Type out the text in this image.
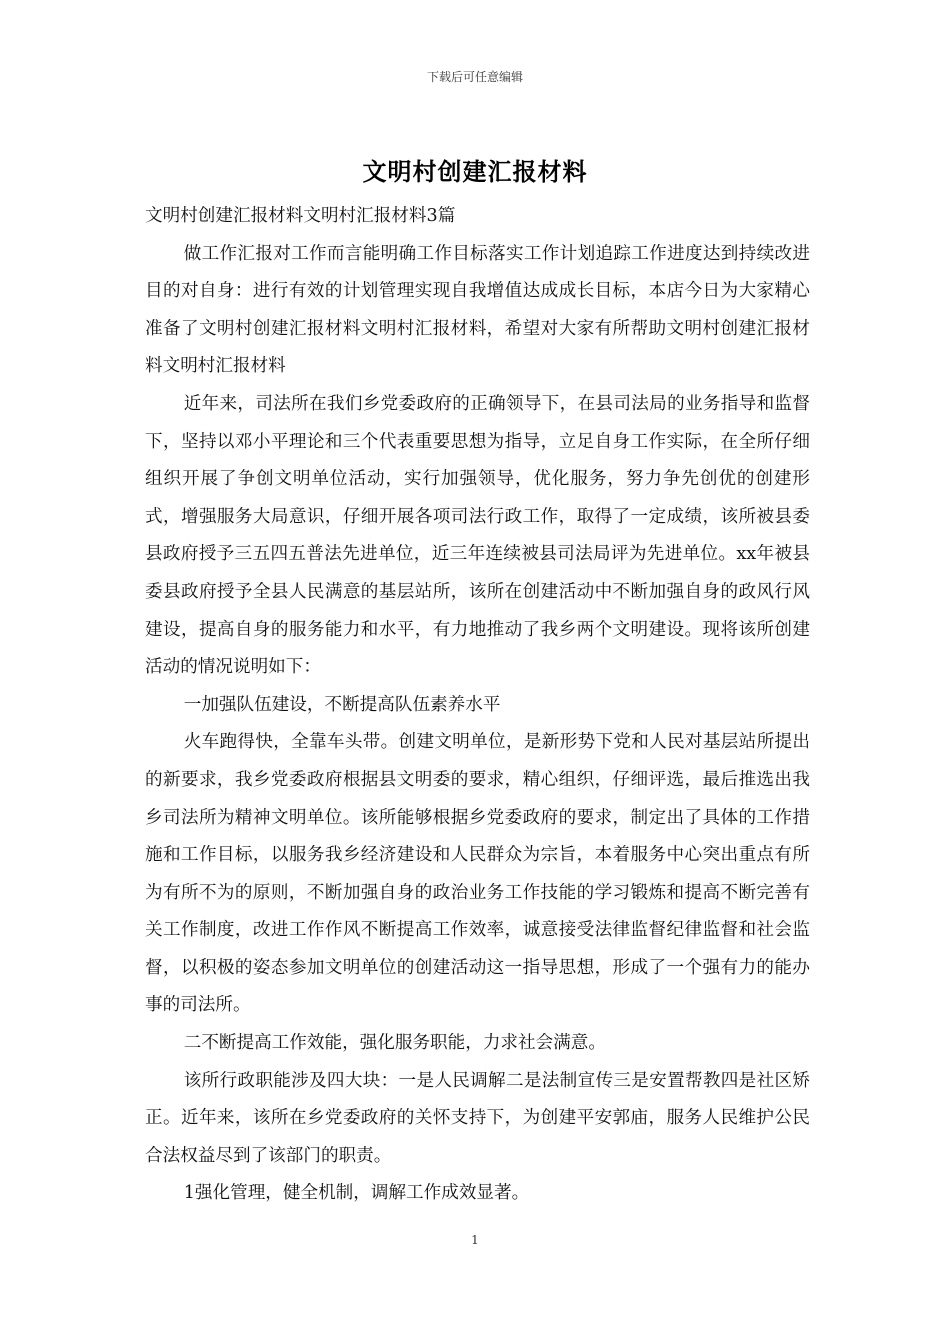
下载后可任意编辑
文明村创建汇报材料

文明村创建汇报材料文明村汇报材料3篇

做工作汇报对工作而言能明确工作目标落实工作计划追踪工作进度达到持续改进目的对自身：进行有效的计划管理实现自我增值达成成长目标，本店今日为大家精心准备了文明村创建汇报材料文明村汇报材料，希望对大家有所帮助文明村创建汇报材料文明村汇报材料

近年来，司法所在我们乡党委政府的正确领导下，在县司法局的业务指导和监督下，坚持以邓小平理论和三个代表重要思想为指导，立足自身工作实际，在全所仔细组织开展了争创文明单位活动，实行加强领导，优化服务，努力争先创优的创建形式，增强服务大局意识，仔细开展各项司法行政工作，取得了一定成绩，该所被县委县政府授予三五四五普法先进单位，近三年连续被县司法局评为先进单位。xx年被县委县政府授予全县人民满意的基层站所，该所在创建活动中不断加强自身的政风行风建设，提高自身的服务能力和水平，有力地推动了我乡两个文明建设。现将该所创建活动的情况说明如下：

一加强队伍建设，不断提高队伍素养水平

火车跑得快，全靠车头带。创建文明单位，是新形势下党和人民对基层站所提出的新要求，我乡党委政府根据县文明委的要求，精心组织，仔细评选，最后推选出我乡司法所为精神文明单位。该所能够根据乡党委政府的要求，制定出了具体的工作措施和工作目标，以服务我乡经济建设和人民群众为宗旨，本着服务中心突出重点有所为有所不为的原则，不断加强自身的政治业务工作技能的学习锻炼和提高不断完善有关工作制度，改进工作作风不断提高工作效率，诚意接受法律监督纪律监督和社会监督，以积极的姿态参加文明单位的创建活动这一指导思想，形成了一个强有力的能办事的司法所。

二不断提高工作效能，强化服务职能，力求社会满意。

该所行政职能涉及四大块：一是人民调解二是法制宣传三是安置帮教四是社区矫正。近年来，该所在乡党委政府的关怀支持下，为创建平安郭庙，服务人民维护公民合法权益尽到了该部门的职责。

1强化管理，健全机制，调解工作成效显著。

1
